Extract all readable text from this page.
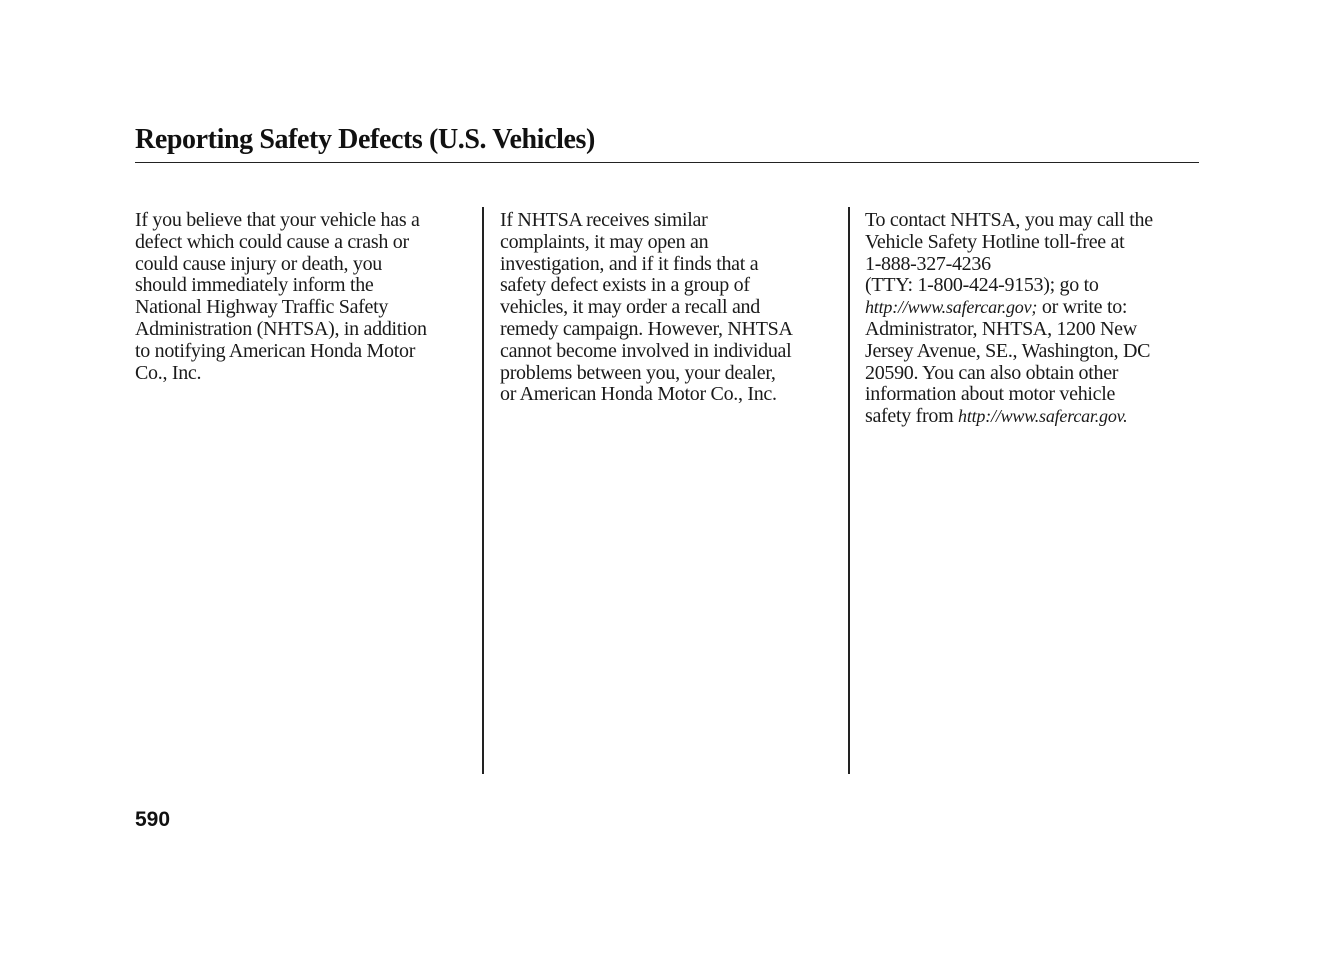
Reporting Safety Defects (U.S. Vehicles)
If you believe that your vehicle has a
defect which could cause a crash or
could cause injury or death, you
should immediately inform the
National Highway Traffic Safety
Administration (NHTSA), in addition
to notifying American Honda Motor
Co., Inc.
If NHTSA receives similar
complaints, it may open an
investigation, and if it finds that a
safety defect exists in a group of
vehicles, it may order a recall and
remedy campaign. However, NHTSA
cannot become involved in individual
problems between you, your dealer,
or American Honda Motor Co., Inc.
To contact NHTSA, you may call the
Vehicle Safety Hotline toll-free at
1-888-327-4236
(TTY: 1-800-424-9153); go to
http://www.safercar.gov; or write to:
Administrator, NHTSA, 1200 New
Jersey Avenue, SE., Washington, DC
20590. You can also obtain other
information about motor vehicle
safety from http://www.safercar.gov.
590
